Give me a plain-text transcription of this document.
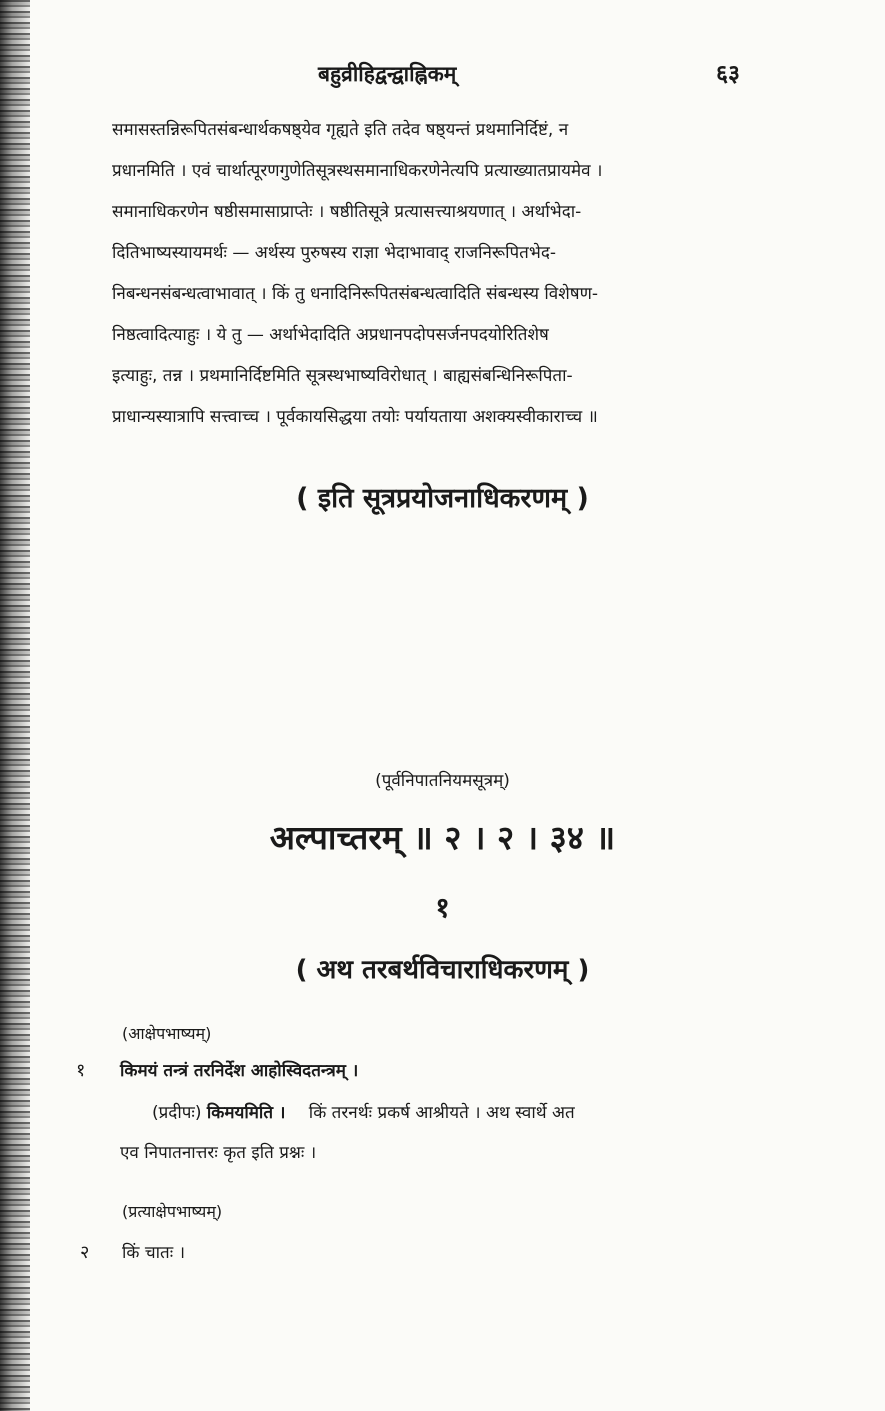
बहुव्रीहिद्वन्द्वाह्निकम्	६३
समासस्तन्निरूपितसंबन्धार्थकषष्ठ्येव गृह्यते इति तदेव षष्ठ्यन्तं प्रथमानिर्दिष्टं, न
प्रधानमिति । एवं चार्थात्पूरणगुणेतिसूत्रस्थसमानाधिकरणेनेत्यपि प्रत्याख्यातप्रायमेव ।
समानाधिकरणेन षष्ठीसमासाप्राप्तेः । षष्ठीतिसूत्रे प्रत्यासत्त्याश्रयणात् । अर्थाभेदा-
दितिभाष्यस्यायमर्थः — अर्थस्य पुरुषस्य राज्ञा भेदाभावाद् राजनिरूपितभेद-
निबन्धनसंबन्धत्वाभावात् । किं तु धनादिनिरूपितसंबन्धत्वादिति संबन्धस्य विशेषण-
निष्ठत्वादित्याहुः । ये तु — अर्थाभेदादिति अप्रधानपदोपसर्जनपदयोरितिशेष
इत्याहुः, तन्न । प्रथमानिर्दिष्टमिति सूत्रस्थभाष्यविरोधात् । बाह्यसंबन्धिनिरूपिता-
प्राधान्यस्यात्रापि सत्त्वाच्च । पूर्वकायसिद्धया तयोः पर्यायताया अशक्यस्वीकाराच्च ॥
( इति सूत्रप्रयोजनाधिकरणम् )
(पूर्वनिपातनियमसूत्रम्)
अल्पाच्तरम् ॥ २ । २ । ३४ ॥
१
( अथ तरबर्थविचाराधिकरणम् )
(आक्षेपभाष्यम्)
१ किमयं तन्त्रं तरनिर्देश आहोस्विदतन्त्रम् ।
(प्रदीपः) किमयमिति । किं तरनर्थः प्रकर्ष आश्रीयते । अथ स्वार्थे अत
एव निपातनात्तरः कृत इति प्रश्नः ।
(प्रत्याक्षेपभाष्यम्)
२ किं चातः ।
